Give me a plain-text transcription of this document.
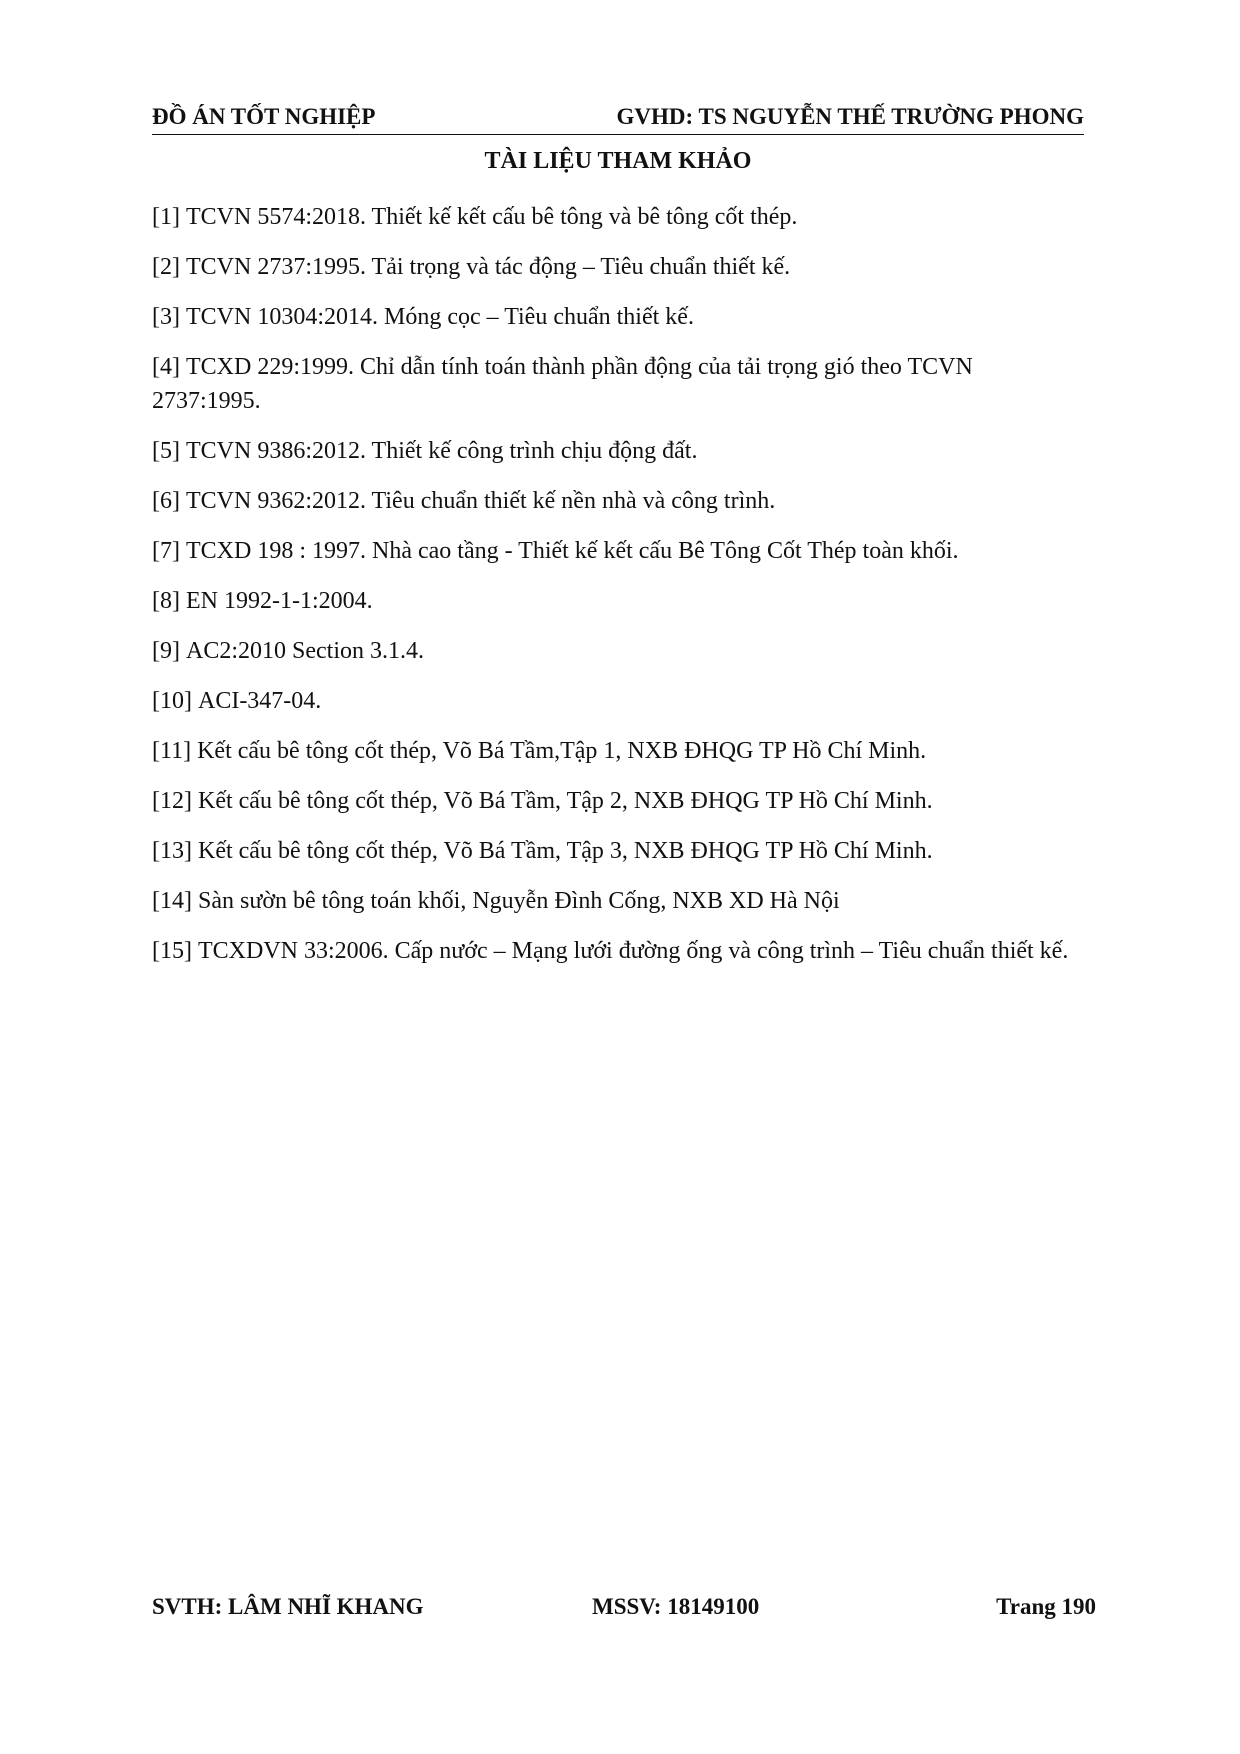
ĐỒ ÁN TỐT NGHIỆP	GVHD: TS NGUYỄN THẾ TRƯỜNG PHONG
TÀI LIỆU THAM KHẢO
[1] TCVN 5574:2018. Thiết kế kết cấu bê tông và bê tông cốt thép.
[2] TCVN 2737:1995. Tải trọng và tác động – Tiêu chuẩn thiết kế.
[3] TCVN 10304:2014. Móng cọc – Tiêu chuẩn thiết kế.
[4] TCXD 229:1999. Chỉ dẫn tính toán thành phần động của tải trọng gió theo TCVN 2737:1995.
[5] TCVN 9386:2012. Thiết kế công trình chịu động đất.
[6] TCVN 9362:2012. Tiêu chuẩn thiết kế nền nhà và công trình.
[7] TCXD 198 : 1997. Nhà cao tầng - Thiết kế kết cấu Bê Tông Cốt Thép toàn khối.
[8] EN 1992-1-1:2004.
[9] AC2:2010 Section 3.1.4.
[10] ACI-347-04.
[11] Kết cấu bê tông cốt thép, Võ Bá Tầm,Tập 1, NXB ĐHQG TP Hồ Chí Minh.
[12] Kết cấu bê tông cốt thép, Võ Bá Tầm, Tập 2, NXB ĐHQG TP Hồ Chí Minh.
[13] Kết cấu bê tông cốt thép, Võ Bá Tầm, Tập 3, NXB ĐHQG TP Hồ Chí Minh.
[14] Sàn sườn bê tông toán khối, Nguyễn Đình Cống, NXB XD Hà Nội
[15] TCXDVN 33:2006. Cấp nước – Mạng lưới đường ống và công trình – Tiêu chuẩn thiết kế.
SVTH: LÂM NHĨ KHANG	MSSV: 18149100	Trang 190
